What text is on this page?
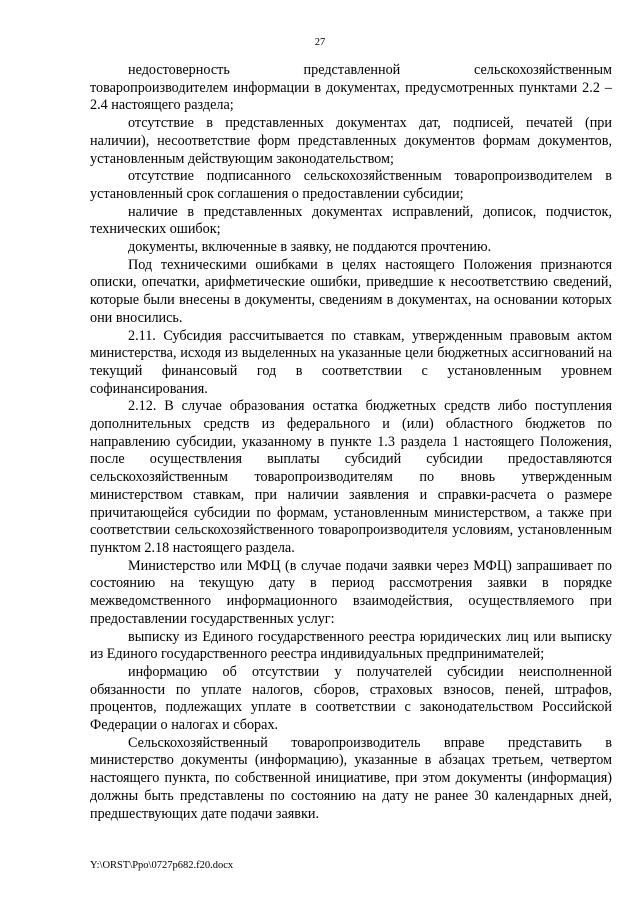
27

недостоверность представленной сельскохозяйственным товаропроизводителем информации в документах, предусмотренных пунктами 2.2 – 2.4 настоящего раздела;

отсутствие в представленных документах дат, подписей, печатей (при наличии), несоответствие форм представленных документов формам документов, установленным действующим законодательством;

отсутствие подписанного сельскохозяйственным товаропроизводителем в установленный срок соглашения о предоставлении субсидии;

наличие в представленных документах исправлений, дописок, подчисток, технических ошибок;

документы, включенные в заявку, не поддаются прочтению.

Под техническими ошибками в целях настоящего Положения признаются описки, опечатки, арифметические ошибки, приведшие к несоответствию сведений, которые были внесены в документы, сведениям в документах, на основании которых они вносились.

2.11. Субсидия рассчитывается по ставкам, утвержденным правовым актом министерства, исходя из выделенных на указанные цели бюджетных ассигнований на текущий финансовый год в соответствии с установленным уровнем софинансирования.

2.12. В случае образования остатка бюджетных средств либо поступления дополнительных средств из федерального и (или) областного бюджетов по направлению субсидии, указанному в пункте 1.3 раздела 1 настоящего Положения, после осуществления выплаты субсидий субсидии предоставляются сельскохозяйственным товаропроизводителям по вновь утвержденным министерством ставкам, при наличии заявления и справки-расчета о размере причитающейся субсидии по формам, установленным министерством, а также при соответствии сельскохозяйственного товаропроизводителя условиям, установленным пунктом 2.18 настоящего раздела.

Министерство или МФЦ (в случае подачи заявки через МФЦ) запрашивает по состоянию на текущую дату в период рассмотрения заявки в порядке межведомственного информационного взаимодействия, осуществляемого при предоставлении государственных услуг:

выписку из Единого государственного реестра юридических лиц или выписку из Единого государственного реестра индивидуальных предпринимателей;

информацию об отсутствии у получателей субсидии неисполненной обязанности по уплате налогов, сборов, страховых взносов, пеней, штрафов, процентов, подлежащих уплате в соответствии с законодательством Российской Федерации о налогах и сборах.

Сельскохозяйственный товаропроизводитель вправе представить в министерство документы (информацию), указанные в абзацах третьем, четвертом настоящего пункта, по собственной инициативе, при этом документы (информация) должны быть представлены по состоянию на дату не ранее 30 календарных дней, предшествующих дате подачи заявки.

Y:\ORST\Ppo\0727p682.f20.docx
